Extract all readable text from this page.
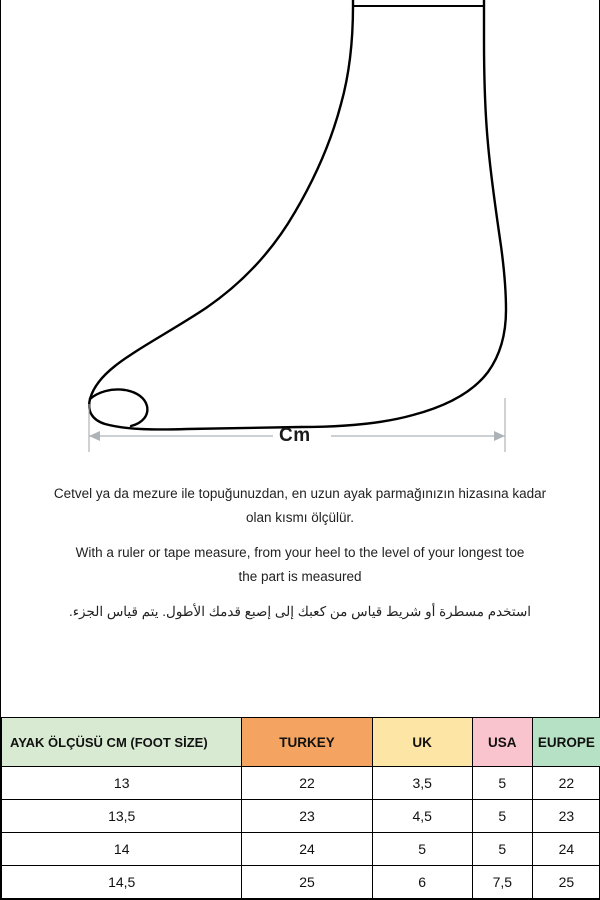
Cm

Cetvel ya da mezure ile topuğunuzdan, en uzun ayak parmağınızın hizasına kadar

olan kısmı ölçülür.

With a ruler or tape measure, from your heel to the level of your longest toe

the part is measured

استخدم مسطرة أو شريط قياس من كعبك إلى إصبع قدمك الأطول. يتم قياس الجزء.

AYAK ÖLÇÜSÜ CM (FOOT SİZE)	TURKEY	UK	USA	EUROPE
13	22	3,5	5	22
13,5	23	4,5	5	23
14	24	5	5	24
14,5	25	6	7,5	25
